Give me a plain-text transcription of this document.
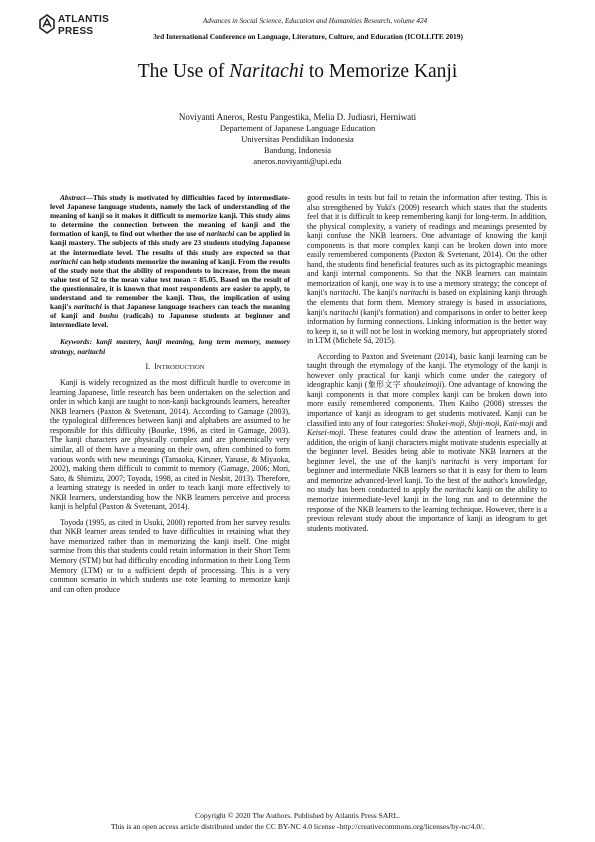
ATLANTIS
PRESS
Advances in Social Science, Education and Humanities Research, volume 424
3rd International Conference on Language, Literature, Culture, and Education (ICOLLITE 2019)
The Use of Naritachi to Memorize Kanji
Noviyanti Aneros, Restu Pangestika, Melia D. Judiasri, Herniwati
Departement of Japanese Language Education
Universitas Pendidikan Indonesia
Bandung, Indonesia
aneros.noviyanti@upi.edu

Abstract—This study is motivated by difficulties faced by intermediate-level Japanese language students, namely the lack of understanding of the meaning of kanji so it makes it difficult to memorize kanji. This study aims to determine the connection between the meaning of kanji and the formation of kanji, to find out whether the use of naritachi can be applied in kanji mastery. The subjects of this study are 23 students studying Japanese at the intermediate level. The results of this study are expected so that naritachi can help students memorize the meaning of kanji. From the results of the study note that the ability of respondents to increase, from the mean value test of 52 to the mean value test mean = 85.05. Based on the result of the questionnaire, it is known that most respondents are easier to apply, to understand and to remember the kanji. Thus, the implication of using kanji's naritachi is that Japanese language teachers can teach the meaning of kanji and bushu (radicals) to Japanese students at beginner and intermediate level.

Keywords: kanji mastery, kanji meaning, long term memory, memory strategy, naritachi

I. INTRODUCTION

Kanji is widely recognized as the most difficult hurdle to overcome in learning Japanese, little research has been undertaken on the selection and order in which kanji are taught to non-kanji backgrounds learners, hereafter NKB learners (Paxton & Svetenant, 2014). According to Gamage (2003), the typological differences between kanji and alphabets are assumed to be responsible for this difficulty (Bourke, 1996, as cited in Gamage, 2003). The kanji characters are physically complex and are phonemically very similar, all of them have a meaning on their own, often combined to form various words with new meanings (Tamaoka, Kirsner, Yanase, & Miyaoka, 2002), making them difficult to commit to memory (Gamage, 2006; Mori, Sato, & Shimizu, 2007; Toyoda, 1998, as cited in Nesbit, 2013). Therefore, a learning strategy is needed in order to teach kanji more effectively to NKB learners, understanding how the NKB learners perceive and process kanji is helpful (Paxton & Svetenant, 2014).

Toyoda (1995, as cited in Usuki, 2000) reported from her survey results that NKB learner areas tended to have difficulties in retaining what they have memorized rather than in memorizing the kanji itself. One might surmise from this that students could retain information in their Short Term Memory (STM) but had difficulty encoding information to their Long Term Memory (LTM) or to a sufficient depth of processing. This is a very common scenario in which students use rote learning to memorize kanji and can often produce

good results in tests but fail to retain the information after testing. This is also strengthened by Yuki's (2009) research which states that the students feel that it is difficult to keep remembering kanji for long-term. In addition, the physical complexity, a variety of readings and meanings presented by kanji confuse the NKB learners. One advantage of knowing the kanji components is that more complex kanji can be broken down into more easily remembered components (Paxton & Svetenant, 2014). On the other hand, the students find beneficial features such as its pictographic meanings and kanji internal components. So that the NKB learners can maintain memorization of kanji, one way is to use a memory strategy; the concept of kanji's naritachi. The kanji's naritachi is based on explaining kanji through the elements that form them. Memory strategy is based in associations, kanji's naritachi (kanji's formation) and comparisons in order to better keep information by forming connections. Linking information is the better way to keep it, so it will not be lost in working memory, but appropriately stored in LTM (Michele Sá, 2015).

According to Paxton and Svetenant (2014), basic kanji learning can be taught through the etymology of the kanji. The etymology of the kanji is however only practical for kanji which come under the category of ideographic kanji (象形文字 shoukeimoji). One advantage of knowing the kanji components is that more complex kanji can be broken down into more easily remembered components. Then Kaiho (2008) stresses the importance of kanji as ideogram to get students motivated. Kanji can be classified into any of four categories: Shokei-moji, Shiji-moji, Kaii-moji and Keisei-moji. These features could draw the attention of learners and, in addition, the origin of kanji characters might motivate students especially at the beginner level. Besides being able to motivate NKB learners at the beginner level, the use of the kanji's naritachi is very important for beginner and intermediate NKB learners so that it is easy for them to learn and memorize advanced-level kanji. To the best of the author's knowledge, no study has been conducted to apply the naritachi kanji on the ability to memorize intermediate-level kanji in the long run and to determine the response of the NKB learners to the learning technique. However, there is a previous relevant study about the importance of kanji as ideogram to get students motivated.

Copyright © 2020 The Authors. Published by Atlantis Press SARL.
This is an open access article distributed under the CC BY-NC 4.0 license -http://creativecommons.org/licenses/by-nc/4.0/.
